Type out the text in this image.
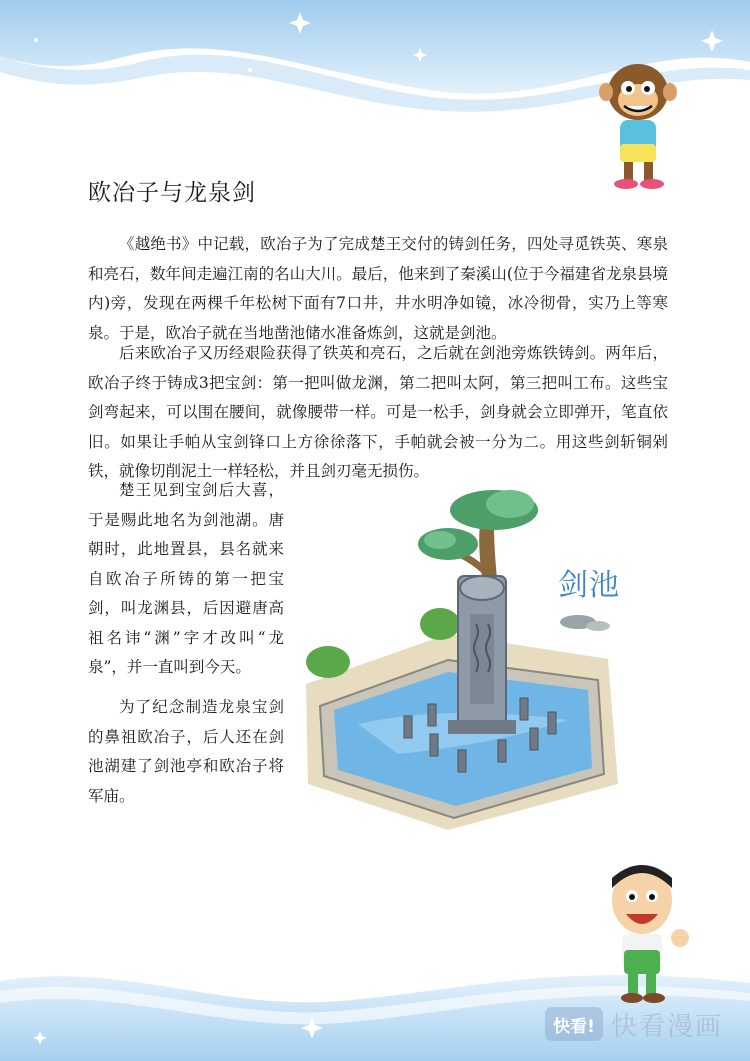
欧冶子与龙泉剑

《越绝书》中记载，欧冶子为了完成楚王交付的铸剑任务，四处寻觅铁英、寒泉和亮石，数年间走遍江南的名山大川。最后，他来到了秦溪山(位于今福建省龙泉县境内)旁，发现在两棵千年松树下面有7口井，井水明净如镜，冰冷彻骨，实乃上等寒泉。于是，欧冶子就在当地凿池储水准备炼剑，这就是剑池。

后来欧冶子又历经艰险获得了铁英和亮石，之后就在剑池旁炼铁铸剑。两年后，欧冶子终于铸成3把宝剑：第一把叫做龙渊，第二把叫太阿，第三把叫工布。这些宝剑弯起来，可以围在腰间，就像腰带一样。可是一松手，剑身就会立即弹开，笔直依旧。如果让手帕从宝剑锋口上方徐徐落下，手帕就会被一分为二。用这些剑斩铜剁铁，就像切削泥土一样轻松，并且剑刃毫无损伤。

楚王见到宝剑后大喜，于是赐此地名为剑池湖。唐朝时，此地置县，县名就来自欧冶子所铸的第一把宝剑，叫龙渊县，后因避唐高祖名讳“渊”字才改叫“龙泉”，并一直叫到今天。

为了纪念制造龙泉宝剑的鼻祖欧冶子，后人还在剑池湖建了剑池亭和欧冶子将军庙。

剑池
快看! 快看漫画
